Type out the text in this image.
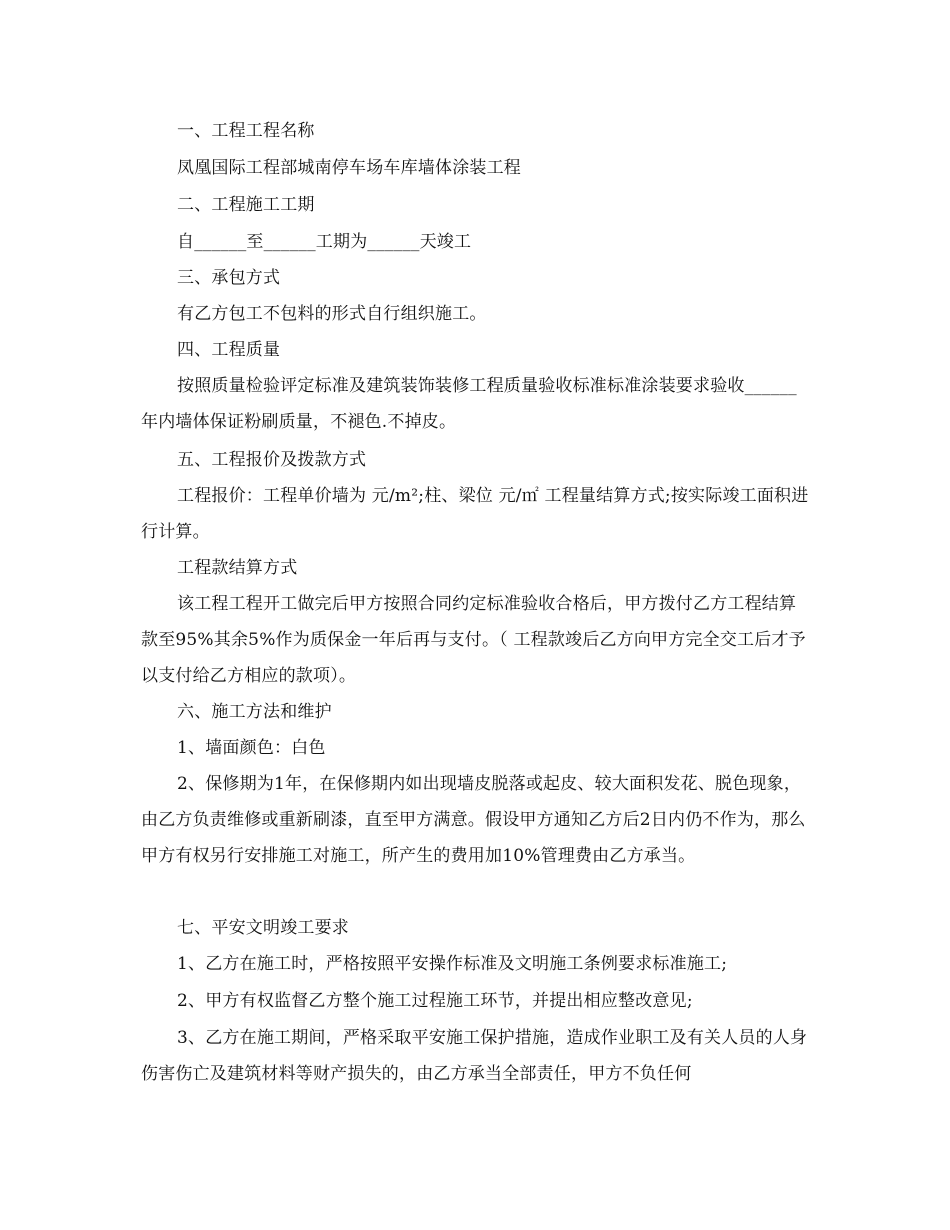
一、工程工程名称

凤凰国际工程部城南停车场车库墙体涂装工程

二、工程施工工期

自______至______工期为______天竣工

三、承包方式

有乙方包工不包料的形式自行组织施工。

四、工程质量

按照质量检验评定标准及建筑装饰装修工程质量验收标准标准涂装要求验收______年内墙体保证粉刷质量，不褪色.不掉皮。

五、工程报价及拨款方式

工程报价：工程单价墙为 元/m²;柱、梁位 元/㎡ 工程量结算方式;按实际竣工面积进行计算。

工程款结算方式

该工程工程开工做完后甲方按照合同约定标准验收合格后，甲方拨付乙方工程结算款至95%其余5%作为质保金一年后再与支付。（ 工程款竣后乙方向甲方完全交工后才予以支付给乙方相应的款项）。

六、施工方法和维护

1、墙面颜色：白色

2、保修期为1年，在保修期内如出现墙皮脱落或起皮、较大面积发花、脱色现象，由乙方负责维修或重新刷漆，直至甲方满意。假设甲方通知乙方后2日内仍不作为，那么甲方有权另行安排施工对施工，所产生的费用加10%管理费由乙方承当。

七、平安文明竣工要求

1、乙方在施工时，严格按照平安操作标准及文明施工条例要求标准施工;

2、甲方有权监督乙方整个施工过程施工环节，并提出相应整改意见;

3、乙方在施工期间，严格采取平安施工保护措施，造成作业职工及有关人员的人身伤害伤亡及建筑材料等财产损失的，由乙方承当全部责任，甲方不负任何
